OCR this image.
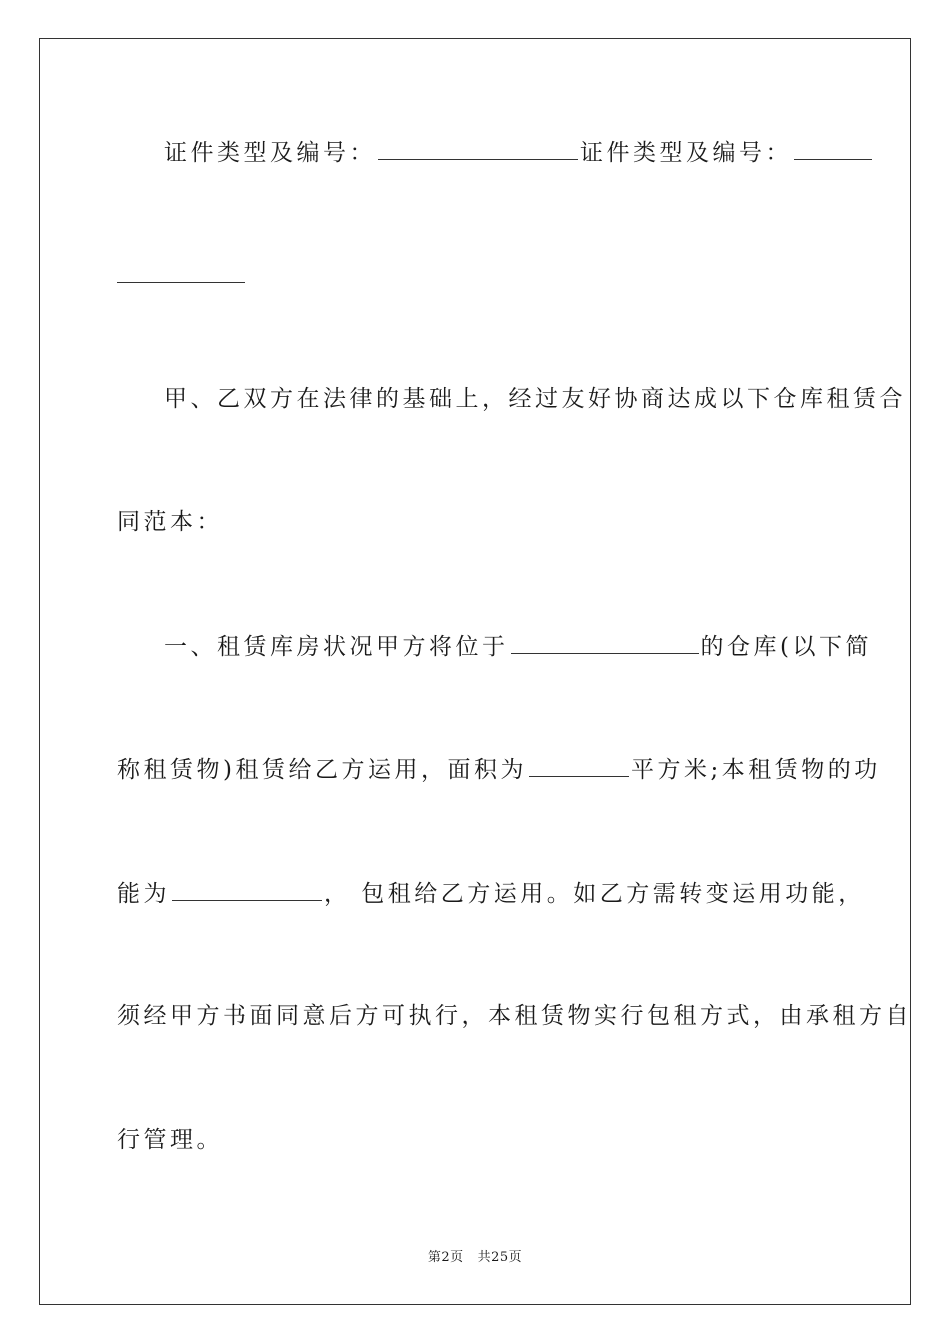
证件类型及编号：	证件类型及编号：
甲、乙双方在法律的基础上，经过友好协商达成以下仓库租赁合
同范本：
一、租赁库房状况甲方将位于	的仓库(以下简
称租赁物)租赁给乙方运用，面积为	平方米;本租赁物的功
能为	， 包租给乙方运用。如乙方需转变运用功能，
须经甲方书面同意后方可执行，本租赁物实行包租方式，由承租方自
行管理。
第2页 共25页
